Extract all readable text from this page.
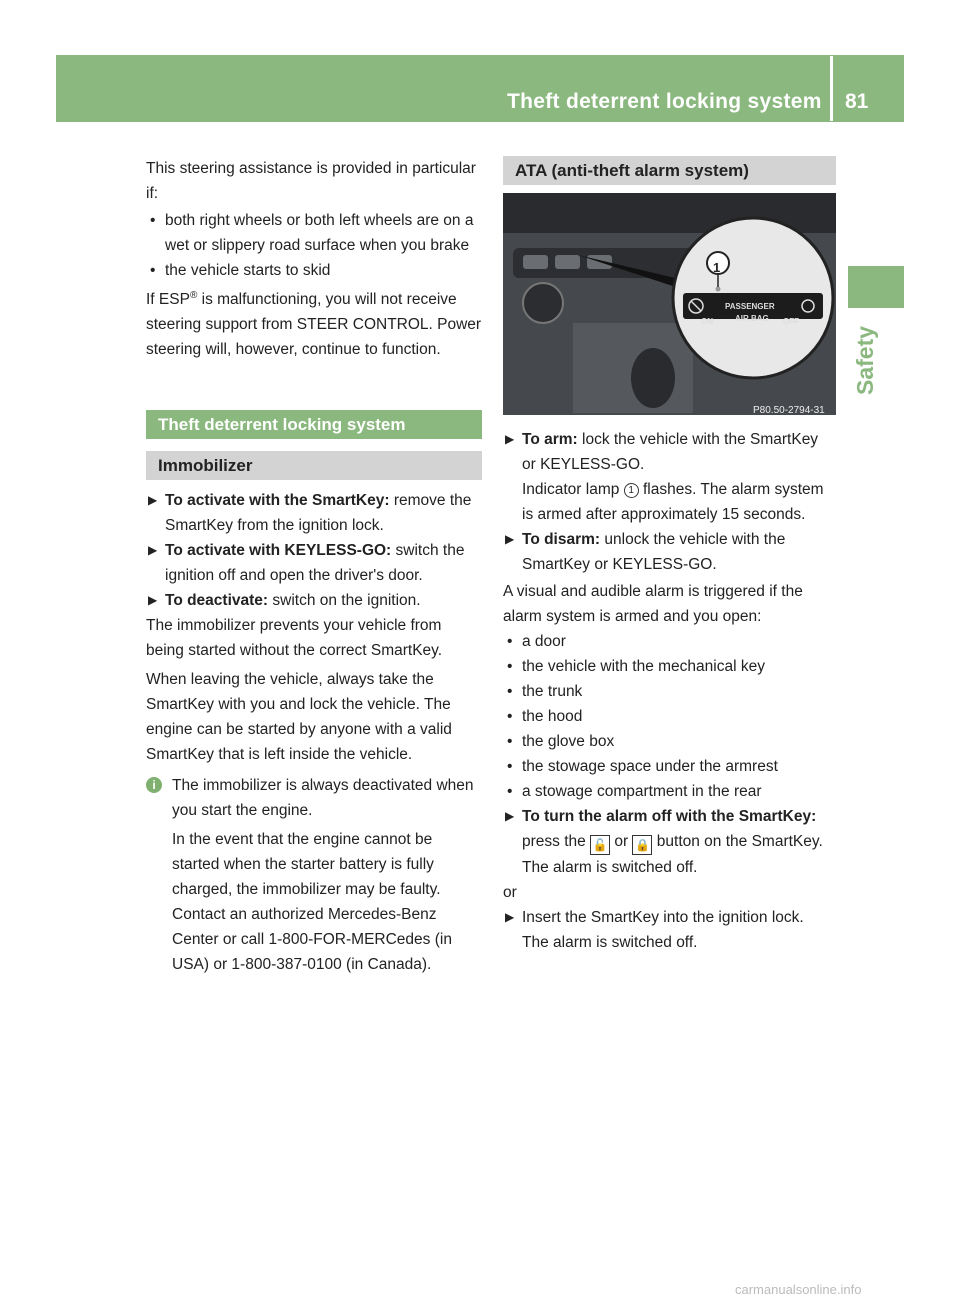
Theft deterrent locking system 81
Safety

This steering assistance is provided in particular if:

• both right wheels or both left wheels are on a wet or slippery road surface when you brake

• the vehicle starts to skid

If ESP® is malfunctioning, you will not receive steering support from STEER CONTROL. Power steering will, however, continue to function.

Theft deterrent locking system
Immobilizer

▶ To activate with the SmartKey: remove the SmartKey from the ignition lock.

▶ To activate with KEYLESS-GO: switch the ignition off and open the driver's door.

▶ To deactivate: switch on the ignition.

The immobilizer prevents your vehicle from being started without the correct SmartKey.

When leaving the vehicle, always take the SmartKey with you and lock the vehicle. The engine can be started by anyone with a valid SmartKey that is left inside the vehicle.

i	The immobilizer is always deactivated when you start the engine.

In the event that the engine cannot be started when the starter battery is fully charged, the immobilizer may be faulty. Contact an authorized Mercedes-Benz Center or call 1-800-FOR-MERCedes (in USA) or 1-800-387-0100 (in Canada).

ATA (anti-theft alarm system)
1
ON
PASSENGER
AIR BAG OFF
P80.50-2794-31

▶ To arm: lock the vehicle with the SmartKey or KEYLESS-GO.
Indicator lamp 1 flashes. The alarm system is armed after approximately 15 seconds.

▶ To disarm: unlock the vehicle with the SmartKey or KEYLESS-GO.

A visual and audible alarm is triggered if the alarm system is armed and you open:

• a door

• the vehicle with the mechanical key

• the trunk

• the hood

• the glove box

• the stowage space under the armrest

• a stowage compartment in the rear

▶ To turn the alarm off with the SmartKey: press the 🔓 or 🔒 button on the SmartKey.
The alarm is switched off.

or

▶ Insert the SmartKey into the ignition lock.
The alarm is switched off.

carmanualsonline.info
